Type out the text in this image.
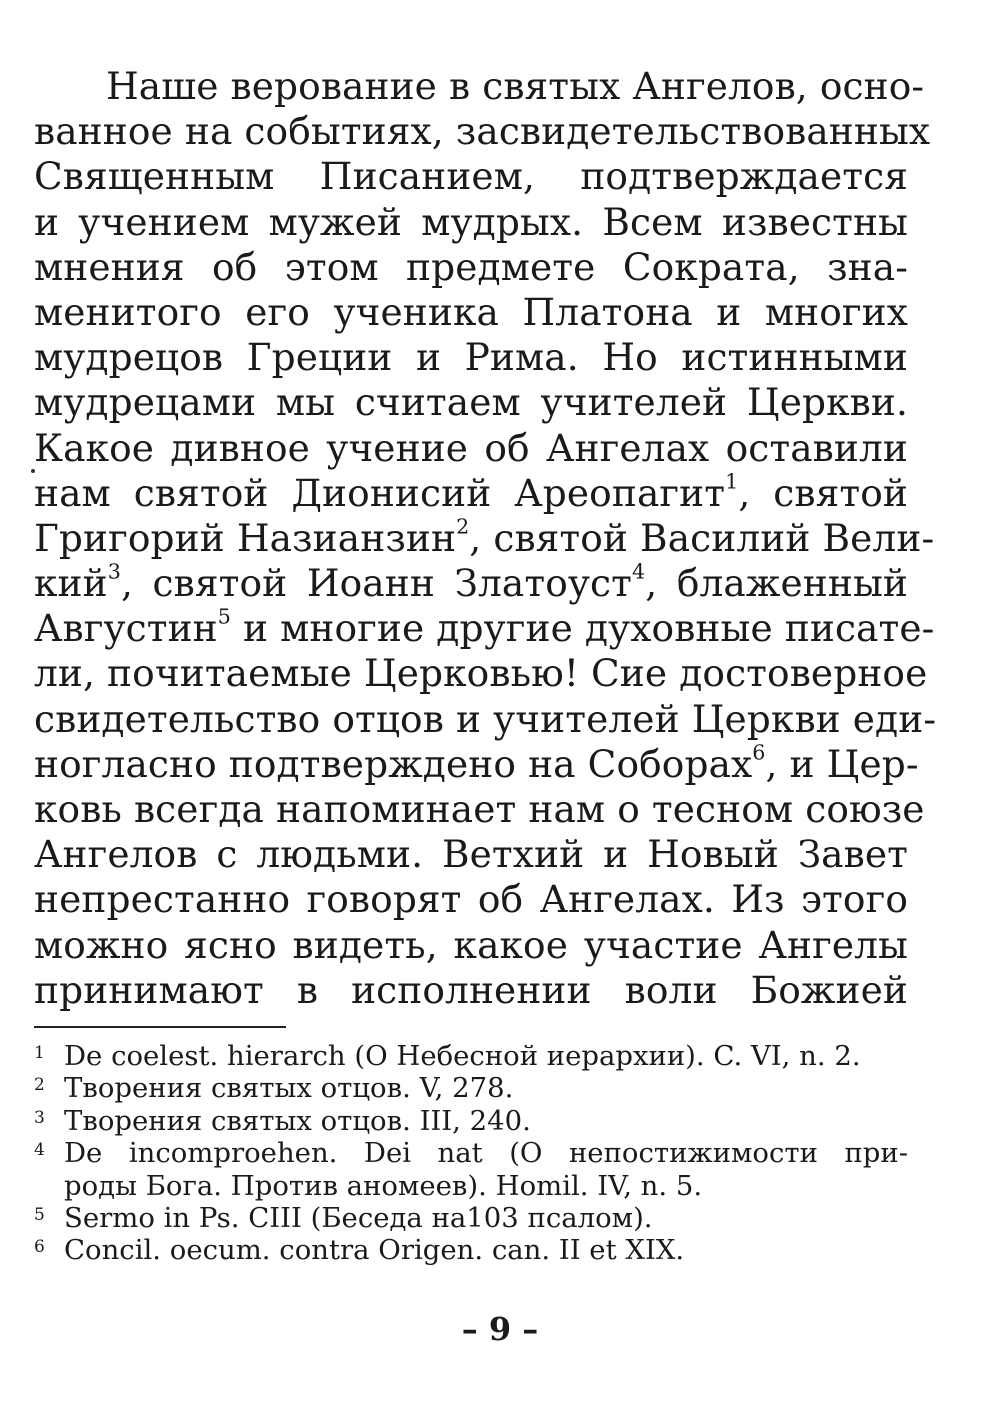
Наше верование в святых Ангелов, осно-
ванное на событиях, засвидетельствованных
Священным Писанием, подтверждается
и учением мужей мудрых. Всем известны
мнения об этом предмете Сократа, зна-
менитого его ученика Платона и многих
мудрецов Греции и Рима. Но истинными
мудрецами мы считаем учителей Церкви.
Какое дивное учение об Ангелах оставили
нам святой Дионисий Ареопагит$^1$, святой
Григорий Назианзин$^2$, святой Василий Вели-
кий$^3$, святой Иоанн Златоуст$^4$, блаженный
Августин$^5$ и многие другие духовные писате-
ли, почитаемые Церковью! Сие достоверное
свидетельство отцов и учителей Церкви еди-
ногласно подтверждено на Соборах$^6$, и Цер-
ковь всегда напоминает нам о тесном союзе
Ангелов с людьми. Ветхий и Новый Завет
непрестанно говорят об Ангелах. Из этого
можно ясно видеть, какое участие Ангелы
принимают в исполнении воли Божией

1 De coelest. hierarch (О Небесной иерархии). C. VI, n. 2.
2 Творения святых отцов. V, 278.
3 Творения святых отцов. III, 240.
4 De incomproehen. Dei nat (О непостижимости при-
роды Бога. Против аномеев). Homil. IV, n. 5.
5 Sermo in Ps. CIII (Беседа на103 псалом).
6 Concil. oecum. contra Origen. can. II et XIX.
– 9 –
